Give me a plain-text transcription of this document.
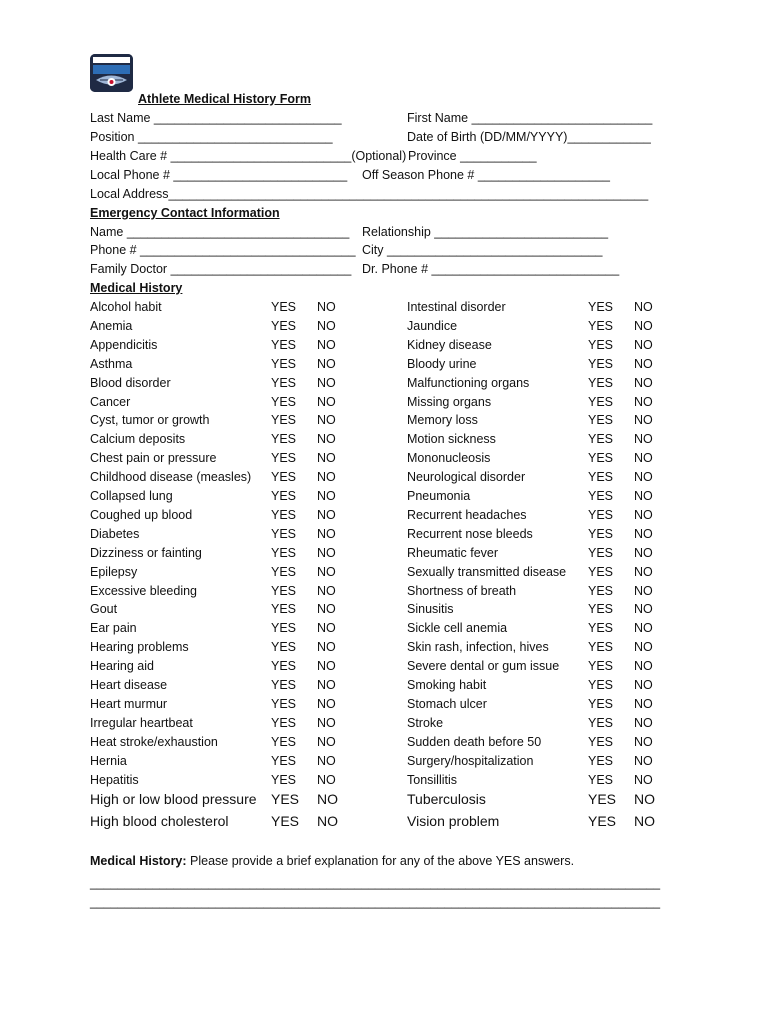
Athlete Medical History Form
Last Name ___________________________	First Name __________________________
Position ____________________________	Date of Birth (DD/MM/YYYY)____________
Health Care # __________________________(Optional) Province ___________
Local Phone # _________________________ Off Season Phone # ___________________
Local Address_____________________________________________________________________
Emergency Contact Information
Name ________________________________ Relationship _________________________
Phone # _______________________________ City _______________________________
Family Doctor __________________________ Dr. Phone # ___________________________
Medical History
Alcohol habit	YES NO	Intestinal disorder	YES NO
Anemia	YES NO	Jaundice	YES NO
Appendicitis	YES NO	Kidney disease	YES NO
Asthma	YES NO	Bloody urine	YES NO
Blood disorder	YES NO	Malfunctioning organs	YES NO
Cancer	YES NO	Missing organs	YES NO
Cyst, tumor or growth	YES NO	Memory loss	YES NO
Calcium deposits	YES NO	Motion sickness	YES NO
Chest pain or pressure	YES NO	Mononucleosis	YES NO
Childhood disease (measles) YES NO	Neurological disorder	YES NO
Collapsed lung	YES NO	Pneumonia	YES NO
Coughed up blood	YES NO	Recurrent headaches	YES NO
Diabetes	YES NO	Recurrent nose bleeds	YES NO
Dizziness or fainting	YES NO	Rheumatic fever	YES NO
Epilepsy	YES NO	Sexually transmitted disease YES NO
Excessive bleeding	YES NO	Shortness of breath	YES NO
Gout	YES NO	Sinusitis	YES NO
Ear pain	YES NO	Sickle cell anemia	YES NO
Hearing problems	YES NO	Skin rash, infection, hives	YES NO
Hearing aid	YES NO	Severe dental or gum issue YES NO
Heart disease	YES NO	Smoking habit	YES NO
Heart murmur	YES NO	Stomach ulcer	YES NO
Irregular heartbeat	YES NO	Stroke	YES NO
Heat stroke/exhaustion	YES NO	Sudden death before 50	YES NO
Hernia	YES NO	Surgery/hospitalization	YES NO
Hepatitis	YES NO	Tonsillitis	YES NO
High or low blood pressure YES NO	Tuberculosis	YES NO
High blood cholesterol	YES NO	Vision problem	YES NO
Medical History: Please provide a brief explanation for any of the above YES answers.
__________________________________________________________________________________
__________________________________________________________________________________
